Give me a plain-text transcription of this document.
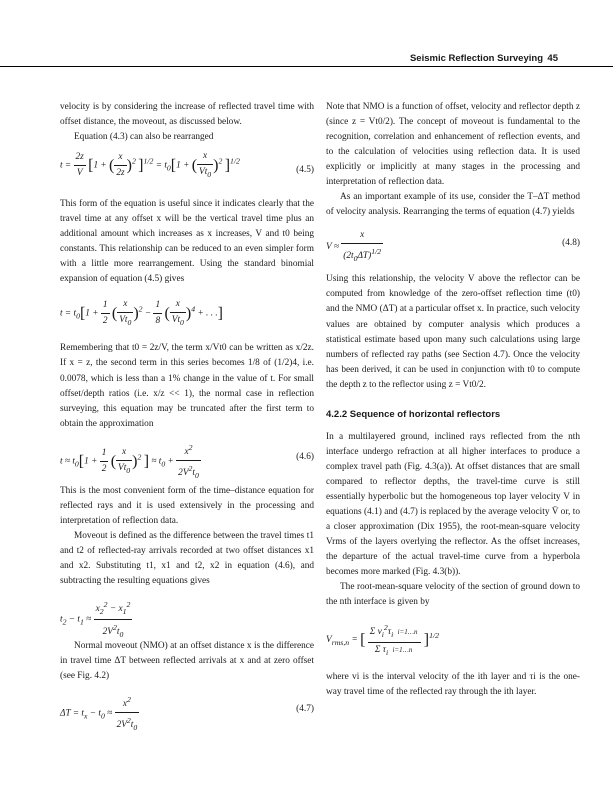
Seismic Reflection Surveying 45

velocity is by considering the increase of reflected travel time with offset distance, the moveout, as discussed below.

Equation (4.3) can also be rearranged

$t = \frac{2z}{V} [1$ + ( $\frac{x}{2z} )^2$ ]$^{1/2} = t_0[1$ + ( $\frac{x}{Vt_0} )^2$ ]$^{1/2}$
(4.5)

This form of the equation is useful since it indicates clearly that the travel time at any offset x will be the vertical travel time plus an additional amount which increases as x increases, V and t0 being constants. This relationship can be reduced to an even simpler form with a little more rearrangement. Using the standard binomial expansion of equation (4.5) gives

$t = t_0[1 + \frac{1}{2}$ ( $\frac{x}{Vt_0} )^2 - \frac{1}{8}$ ( $\frac{x}{Vt_0} )^4$ + . . .]

Remembering that t0 = 2z/V, the term x/Vt0 can be written as x/2z. If x = z, the second term in this series becomes 1/8 of (1/2)4, i.e. 0.0078, which is less than a 1% change in the value of t. For small offset/depth ratios (i.e. x/z << 1), the normal case in reflection surveying, this equation may be truncated after the first term to obtain the approximation

$t \approx t_0[1 + \frac{1}{2}$ ( $\frac{x}{Vt_0} )^2$ ] ≈ $t_0 + \frac{x^2}{2V^2t_0}$	(4.6)

This is the most convenient form of the time–distance equation for reflected rays and it is used extensively in the processing and interpretation of reflection data.

Moveout is defined as the difference between the travel times t1 and t2 of reflected-ray arrivals recorded at two offset distances x1 and x2. Substituting t1, x1 and t2, x2 in equation (4.6), and subtracting the resulting equations gives

$t_2 - t_1 \approx \frac{x_2^2 - x_1^2}{2V^2t_0}$

Normal moveout (NMO) at an offset distance x is the difference in travel time ΔT between reflected arrivals at x and at zero offset (see Fig. 4.2)

$\Delta T = t_x - t_0 \approx \frac{x^2}{2V^2t_0}$	(4.7)

Note that NMO is a function of offset, velocity and reflector depth z (since z = Vt0/2). The concept of moveout is fundamental to the recognition, correlation and enhancement of reflection events, and to the calculation of velocities using reflection data. It is used explicitly or implicitly at many stages in the processing and interpretation of reflection data.

As an important example of its use, consider the T–ΔT method of velocity analysis. Rearranging the terms of equation (4.7) yields

$V \approx \frac{x}{(2t_0\Delta T)^{1/2}}$	(4.8)

Using this relationship, the velocity V above the reflector can be computed from knowledge of the zero-offset reflection time (t0) and the NMO (ΔT) at a particular offset x. In practice, such velocity values are obtained by computer analysis which produces a statistical estimate based upon many such calculations using large numbers of reflected ray paths (see Section 4.7). Once the velocity has been derived, it can be used in conjunction with t0 to compute the depth z to the reflector using z = Vt0/2.

4.2.2 Sequence of horizontal reflectors

In a multilayered ground, inclined rays reflected from the nth interface undergo refraction at all higher interfaces to produce a complex travel path (Fig. 4.3(a)). At offset distances that are small compared to reflector depths, the travel-time curve is still essentially hyperbolic but the homogeneous top layer velocity V in equations (4.1) and (4.7) is replaced by the average velocity V̄ or, to a closer approximation (Dix 1955), the root-mean-square velocity Vrms of the layers overlying the reflector. As the offset increases, the departure of the actual travel-time curve from a hyperbola becomes more marked (Fig. 4.3(b)).

The root-mean-square velocity of the section of ground down to the nth interface is given by

$V_{rms,n}$ = [ $\frac{\Sigma v_i^2\tau_i i=1\dots n}{\Sigma \tau_i i=1\dots n} ]^{1/2}$

where vi is the interval velocity of the ith layer and τi is the one-way travel time of the reflected ray through the ith layer.
